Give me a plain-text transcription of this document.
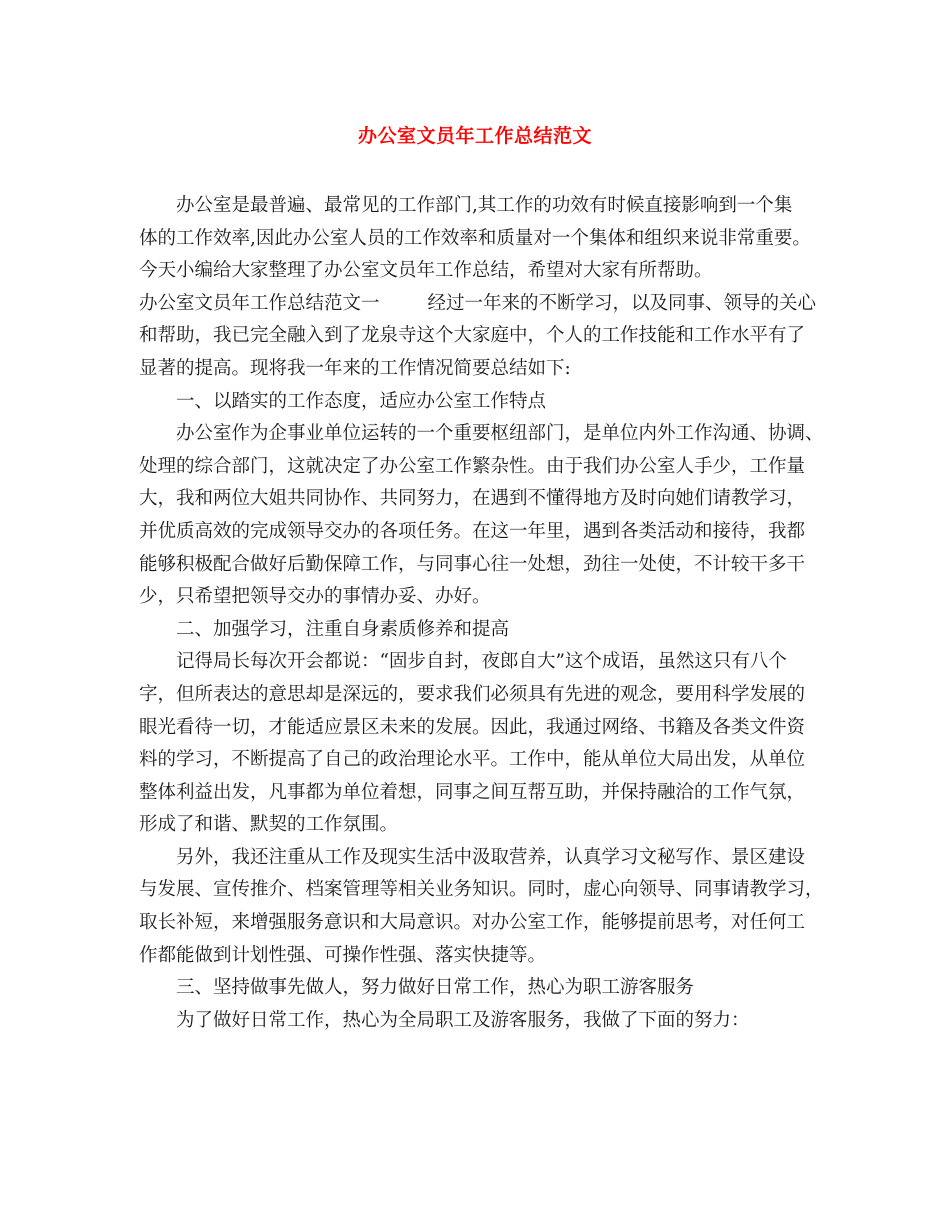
办公室文员年工作总结范文
办公室是最普遍、最常见的工作部门,其工作的功效有时候直接影响到一个集
体的工作效率,因此办公室人员的工作效率和质量对一个集体和组织来说非常重要。
今天小编给大家整理了办公室文员年工作总结，希望对大家有所帮助。
办公室文员年工作总结范文一	经过一年来的不断学习，以及同事、领导的关心
和帮助，我已完全融入到了龙泉寺这个大家庭中，个人的工作技能和工作水平有了
显著的提高。现将我一年来的工作情况简要总结如下:
一、以踏实的工作态度，适应办公室工作特点
办公室作为企事业单位运转的一个重要枢纽部门，是单位内外工作沟通、协调、
处理的综合部门，这就决定了办公室工作繁杂性。由于我们办公室人手少，工作量
大，我和两位大姐共同协作、共同努力，在遇到不懂得地方及时向她们请教学习，
并优质高效的完成领导交办的各项任务。在这一年里，遇到各类活动和接待，我都
能够积极配合做好后勤保障工作，与同事心往一处想，劲往一处使，不计较干多干
少，只希望把领导交办的事情办妥、办好。
二、加强学习，注重自身素质修养和提高
记得局长每次开会都说：“固步自封，夜郎自大”这个成语，虽然这只有八个
字，但所表达的意思却是深远的，要求我们必须具有先进的观念，要用科学发展的
眼光看待一切，才能适应景区未来的发展。因此，我通过网络、书籍及各类文件资
料的学习，不断提高了自己的政治理论水平。工作中，能从单位大局出发，从单位
整体利益出发，凡事都为单位着想，同事之间互帮互助，并保持融洽的工作气氛，
形成了和谐、默契的工作氛围。
另外，我还注重从工作及现实生活中汲取营养，认真学习文秘写作、景区建设
与发展、宣传推介、档案管理等相关业务知识。同时，虚心向领导、同事请教学习，
取长补短，来增强服务意识和大局意识。对办公室工作，能够提前思考，对任何工
作都能做到计划性强、可操作性强、落实快捷等。
三、坚持做事先做人，努力做好日常工作，热心为职工游客服务
为了做好日常工作，热心为全局职工及游客服务，我做了下面的努力：
